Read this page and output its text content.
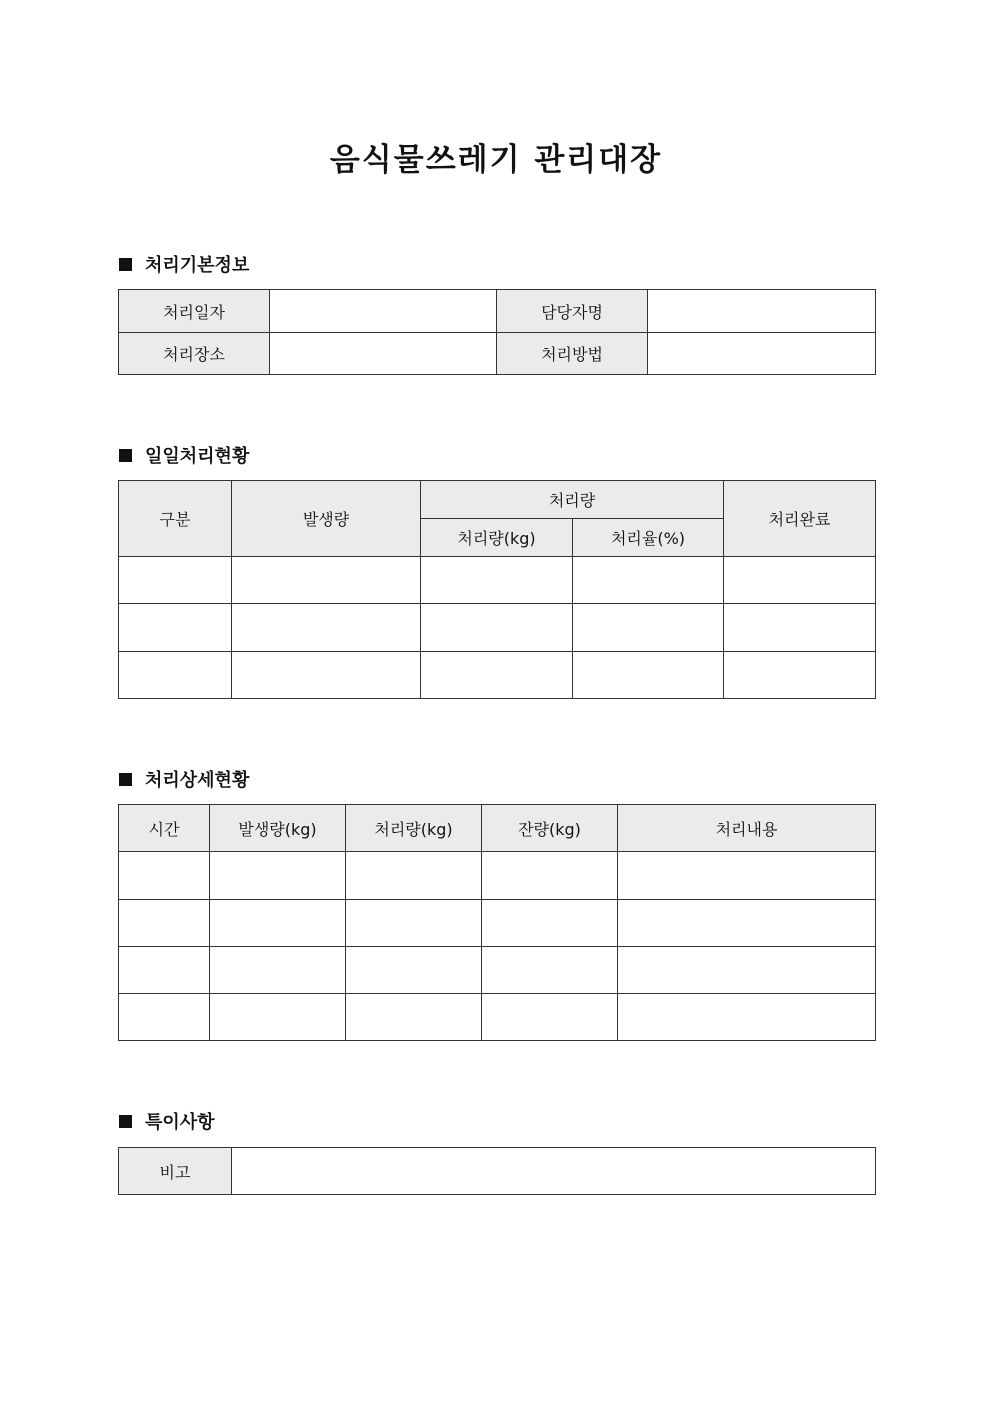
음식물쓰레기 관리대장
처리기본정보
처리일자		담당자명	
처리장소		처리방법	
일일처리현황
구분	발생량	처리량		처리완료
		처리량(kg)	처리율(%)	

처리상세현황
시간	발생량(kg)	처리량(kg)	잔량(kg)	처리내용

특이사항
비고	
